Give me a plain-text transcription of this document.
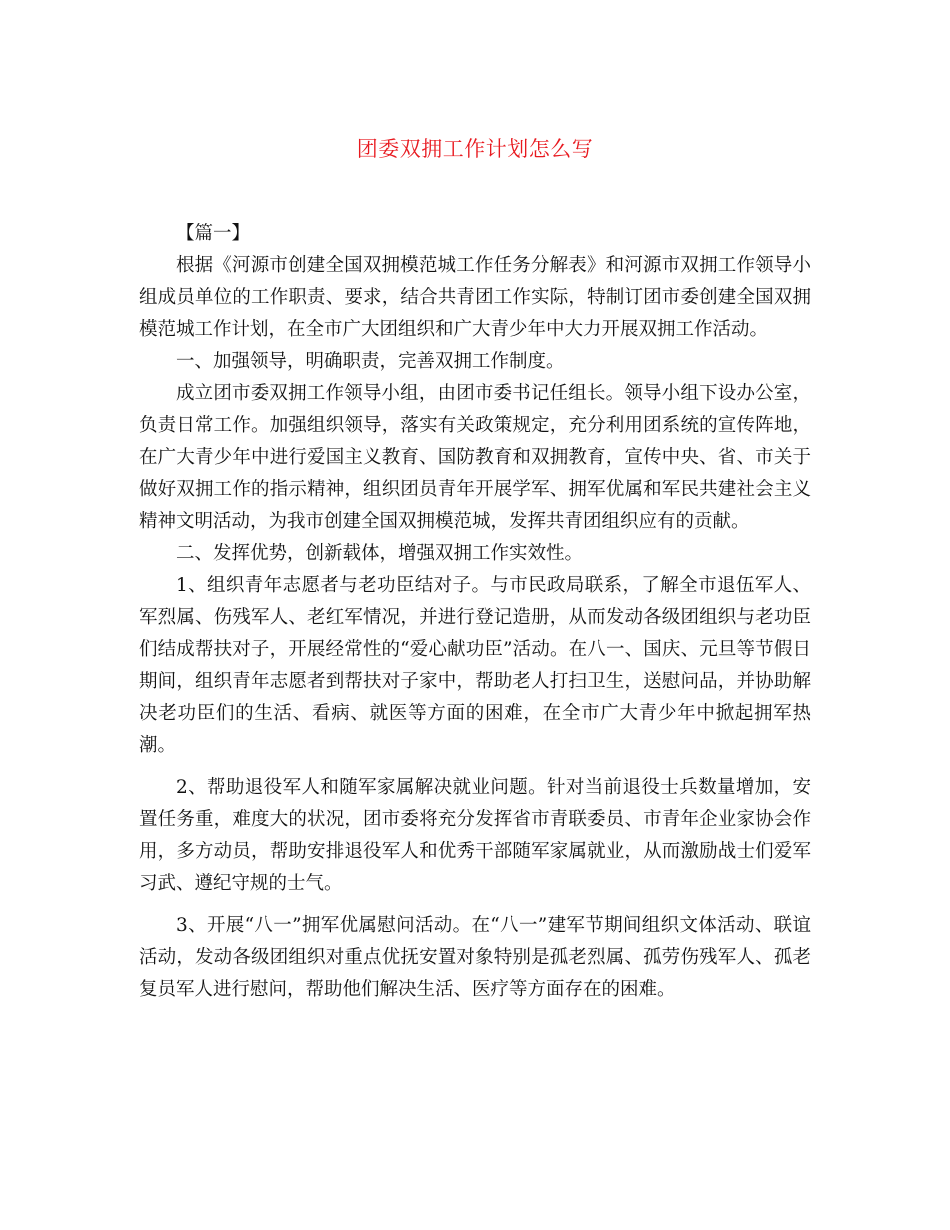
团委双拥工作计划怎么写

【篇一】

根据《河源市创建全国双拥模范城工作任务分解表》和河源市双拥工作领导小组成员单位的工作职责、要求，结合共青团工作实际，特制订团市委创建全国双拥模范城工作计划，在全市广大团组织和广大青少年中大力开展双拥工作活动。

一、加强领导，明确职责，完善双拥工作制度。

成立团市委双拥工作领导小组，由团市委书记任组长。领导小组下设办公室，负责日常工作。加强组织领导，落实有关政策规定，充分利用团系统的宣传阵地，在广大青少年中进行爱国主义教育、国防教育和双拥教育，宣传中央、省、市关于做好双拥工作的指示精神，组织团员青年开展学军、拥军优属和军民共建社会主义精神文明活动，为我市创建全国双拥模范城，发挥共青团组织应有的贡献。

二、发挥优势，创新载体，增强双拥工作实效性。

1、组织青年志愿者与老功臣结对子。与市民政局联系，了解全市退伍军人、军烈属、伤残军人、老红军情况，并进行登记造册，从而发动各级团组织与老功臣们结成帮扶对子，开展经常性的“爱心献功臣”活动。在八一、国庆、元旦等节假日期间，组织青年志愿者到帮扶对子家中，帮助老人打扫卫生，送慰问品，并协助解决老功臣们的生活、看病、就医等方面的困难，在全市广大青少年中掀起拥军热潮。

2、帮助退役军人和随军家属解决就业问题。针对当前退役士兵数量增加，安置任务重，难度大的状况，团市委将充分发挥省市青联委员、市青年企业家协会作用，多方动员，帮助安排退役军人和优秀干部随军家属就业，从而激励战士们爱军习武、遵纪守规的士气。

3、开展“八一”拥军优属慰问活动。在“八一”建军节期间组织文体活动、联谊活动，发动各级团组织对重点优抚安置对象特别是孤老烈属、孤劳伤残军人、孤老复员军人进行慰问，帮助他们解决生活、医疗等方面存在的困难。
